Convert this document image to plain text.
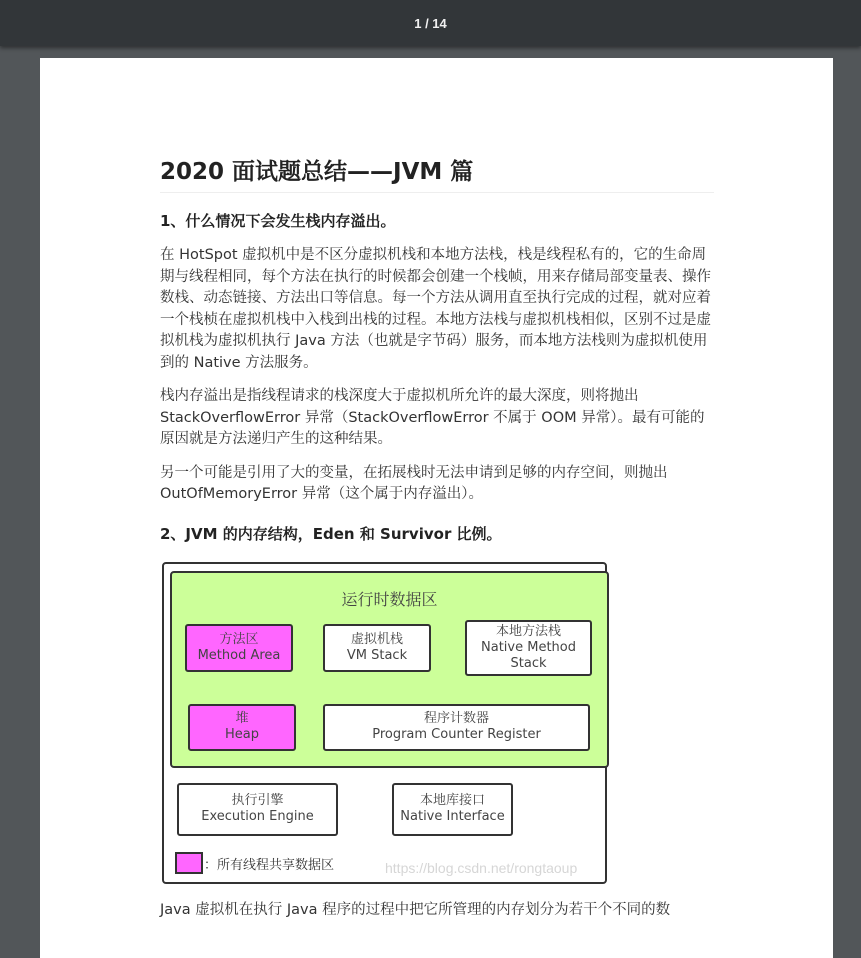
1 / 14
2020 面试题总结——JVM 篇
1、什么情况下会发生栈内存溢出。

在 HotSpot 虚拟机中是不区分虚拟机栈和本地方法栈，栈是线程私有的，它的生命周期与线程相同，每个方法在执行的时候都会创建一个栈帧，用来存储局部变量表、操作数栈、动态链接、方法出口等信息。每一个方法从调用直至执行完成的过程，就对应着一个栈桢在虚拟机栈中入栈到出栈的过程。本地方法栈与虚拟机栈相似，区别不过是虚拟机栈为虚拟机执行 Java 方法（也就是字节码）服务，而本地方法栈则为虚拟机使用到的 Native 方法服务。

栈内存溢出是指线程请求的栈深度大于虚拟机所允许的最大深度，则将抛出 StackOverflowError 异常（StackOverflowError 不属于 OOM 异常）。最有可能的原因就是方法递归产生的这种结果。

另一个可能是引用了大的变量，在拓展栈时无法申请到足够的内存空间，则抛出 OutOfMemoryError 异常（这个属于内存溢出）。

2、JVM 的内存结构，Eden 和 Survivor 比例。
运行时数据区
方法区
Method Area
虚拟机栈
VM Stack
本地方法栈
Native Method
Stack
堆
Heap
程序计数器
Program Counter Register
执行引擎
Execution Engine
本地库接口
Native Interface
：所有线程共享数据区	https://blog.csdn.net/rongtaoup

Java 虚拟机在执行 Java 程序的过程中把它所管理的内存划分为若干个不同的数
